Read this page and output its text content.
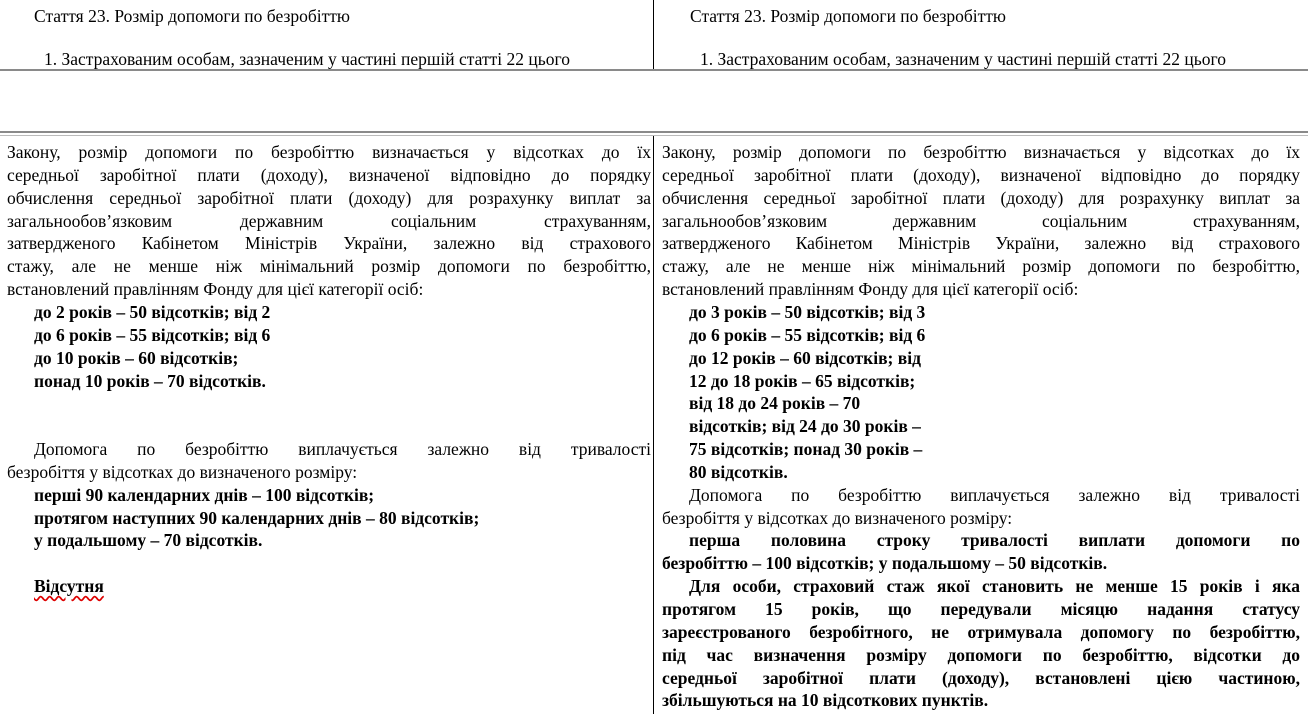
Стаття 23. Розмір допомоги по безробіттю
1. Застрахованим особам, зазначеним у частині першій статті 22 цього
Стаття 23. Розмір допомоги по безробіттю
1. Застрахованим особам, зазначеним у частині першій статті 22 цього
Закону, розмір допомоги по безробіттю визначається у відсотках до їх
середньої заробітної плати (доходу), визначеної відповідно до порядку
обчислення середньої заробітної плати (доходу) для розрахунку виплат за
загальнообов’язковим державним соціальним страхуванням,
затвердженого Кабінетом Міністрів України, залежно від страхового
стажу, але не менше ніж мінімальний розмір допомоги по безробіттю,
встановлений правлінням Фонду для цієї категорії осіб:
до 2 років – 50 відсотків; від 2
до 6 років – 55 відсотків; від 6
до 10 років – 60 відсотків;
понад 10 років – 70 відсотків.
Допомога по безробіттю виплачується залежно від тривалості
безробіття у відсотках до визначеного розміру:
перші 90 календарних днів – 100 відсотків;
протягом наступних 90 календарних днів – 80 відсотків;
у подальшому – 70 відсотків.
Відсутня
Закону, розмір допомоги по безробіттю визначається у відсотках до їх
середньої заробітної плати (доходу), визначеної відповідно до порядку
обчислення середньої заробітної плати (доходу) для розрахунку виплат за
загальнообов’язковим державним соціальним страхуванням,
затвердженого Кабінетом Міністрів України, залежно від страхового
стажу, але не менше ніж мінімальний розмір допомоги по безробіттю,
встановлений правлінням Фонду для цієї категорії осіб:
до 3 років – 50 відсотків; від 3
до 6 років – 55 відсотків; від 6
до 12 років – 60 відсотків; від
12 до 18 років – 65 відсотків;
від 18 до 24 років – 70
відсотків; від 24 до 30 років –
75 відсотків; понад 30 років –
80 відсотків.
Допомога по безробіттю виплачується залежно від тривалості
безробіття у відсотках до визначеного розміру:
перша половина строку тривалості виплати допомоги по
безробіттю – 100 відсотків; у подальшому – 50 відсотків.
Для особи, страховий стаж якої становить не менше 15 років і яка
протягом 15 років, що передували місяцю надання статусу
зареєстрованого безробітного, не отримувала допомогу по безробіттю,
під час визначення розміру допомоги по безробіттю, відсотки до
середньої заробітної плати (доходу), встановлені цією частиною,
збільшуються на 10 відсоткових пунктів.
